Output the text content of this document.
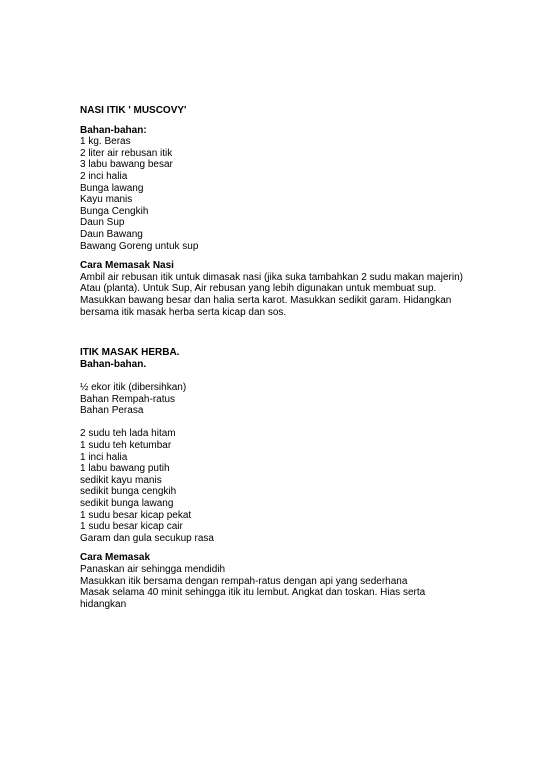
NASI ITIK ' MUSCOVY'

Bahan-bahan:

1 kg. Beras

2 liter air rebusan itik

3 labu bawang besar

2 inci halia

Bunga lawang

Kayu manis

Bunga Cengkih

Daun Sup

Daun Bawang

Bawang Goreng untuk sup

Cara Memasak Nasi

Ambil air rebusan itik untuk dimasak nasi (jika suka tambahkan 2 sudu makan majerin)

Atau (planta). Untuk Sup, Air rebusan yang lebih digunakan untuk membuat sup.

Masukkan bawang besar dan halia serta karot. Masukkan sedikit garam. Hidangkan

bersama itik masak herba serta kicap dan sos.

ITIK MASAK HERBA.

Bahan-bahan.

½ ekor itik (dibersihkan)

Bahan Rempah-ratus

Bahan Perasa

2 sudu teh lada hitam

1 sudu teh ketumbar

1 inci halia

1 labu bawang putih

sedikit kayu manis

sedikit bunga cengkih

sedikit bunga lawang

1 sudu besar kicap pekat

1 sudu besar kicap cair

Garam dan gula secukup rasa

Cara Memasak

Panaskan air sehingga mendidih

Masukkan itik bersama dengan rempah-ratus dengan api yang sederhana

Masak selama 40 minit sehingga itik itu lembut. Angkat dan toskan. Hias serta

hidangkan
